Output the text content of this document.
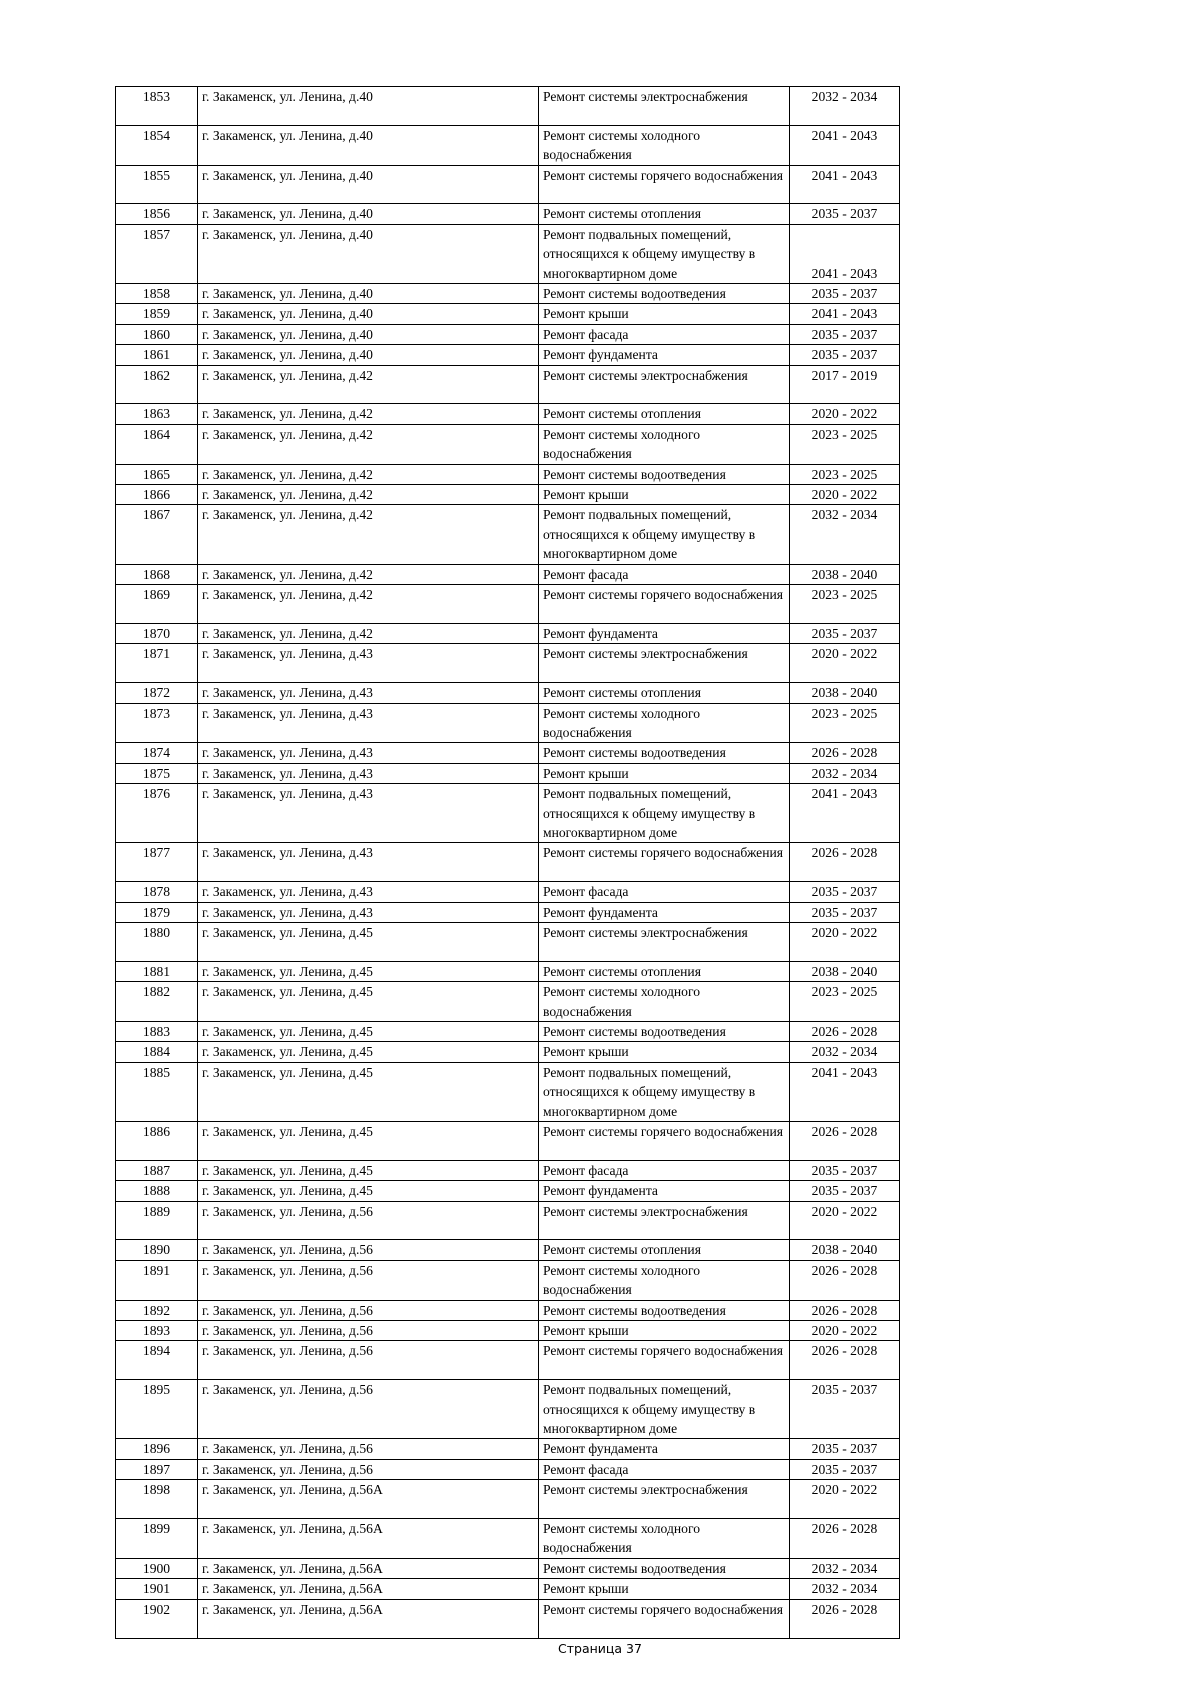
1853	г. Закаменск, ул. Ленина, д.40	Ремонт системы электроснабжения	2032 - 2034
1854	г. Закаменск, ул. Ленина, д.40	Ремонт системы холодного водоснабжения	2041 - 2043
1855	г. Закаменск, ул. Ленина, д.40	Ремонт системы горячего водоснабжения	2041 - 2043
1856	г. Закаменск, ул. Ленина, д.40	Ремонт системы отопления	2035 - 2037
1857	г. Закаменск, ул. Ленина, д.40	Ремонт подвальных помещений, относящихся к общему имуществу в многоквартирном доме	2041 - 2043
1858	г. Закаменск, ул. Ленина, д.40	Ремонт системы водоотведения	2035 - 2037
1859	г. Закаменск, ул. Ленина, д.40	Ремонт крыши	2041 - 2043
1860	г. Закаменск, ул. Ленина, д.40	Ремонт фасада	2035 - 2037
1861	г. Закаменск, ул. Ленина, д.40	Ремонт фундамента	2035 - 2037
1862	г. Закаменск, ул. Ленина, д.42	Ремонт системы электроснабжения	2017 - 2019
1863	г. Закаменск, ул. Ленина, д.42	Ремонт системы отопления	2020 - 2022
1864	г. Закаменск, ул. Ленина, д.42	Ремонт системы холодного водоснабжения	2023 - 2025
1865	г. Закаменск, ул. Ленина, д.42	Ремонт системы водоотведения	2023 - 2025
1866	г. Закаменск, ул. Ленина, д.42	Ремонт крыши	2020 - 2022
1867	г. Закаменск, ул. Ленина, д.42	Ремонт подвальных помещений, относящихся к общему имуществу в многоквартирном доме	2032 - 2034
1868	г. Закаменск, ул. Ленина, д.42	Ремонт фасада	2038 - 2040
1869	г. Закаменск, ул. Ленина, д.42	Ремонт системы горячего водоснабжения	2023 - 2025
1870	г. Закаменск, ул. Ленина, д.42	Ремонт фундамента	2035 - 2037
1871	г. Закаменск, ул. Ленина, д.43	Ремонт системы электроснабжения	2020 - 2022
1872	г. Закаменск, ул. Ленина, д.43	Ремонт системы отопления	2038 - 2040
1873	г. Закаменск, ул. Ленина, д.43	Ремонт системы холодного водоснабжения	2023 - 2025
1874	г. Закаменск, ул. Ленина, д.43	Ремонт системы водоотведения	2026 - 2028
1875	г. Закаменск, ул. Ленина, д.43	Ремонт крыши	2032 - 2034
1876	г. Закаменск, ул. Ленина, д.43	Ремонт подвальных помещений, относящихся к общему имуществу в многоквартирном доме	2041 - 2043
1877	г. Закаменск, ул. Ленина, д.43	Ремонт системы горячего водоснабжения	2026 - 2028
1878	г. Закаменск, ул. Ленина, д.43	Ремонт фасада	2035 - 2037
1879	г. Закаменск, ул. Ленина, д.43	Ремонт фундамента	2035 - 2037
1880	г. Закаменск, ул. Ленина, д.45	Ремонт системы электроснабжения	2020 - 2022
1881	г. Закаменск, ул. Ленина, д.45	Ремонт системы отопления	2038 - 2040
1882	г. Закаменск, ул. Ленина, д.45	Ремонт системы холодного водоснабжения	2023 - 2025
1883	г. Закаменск, ул. Ленина, д.45	Ремонт системы водоотведения	2026 - 2028
1884	г. Закаменск, ул. Ленина, д.45	Ремонт крыши	2032 - 2034
1885	г. Закаменск, ул. Ленина, д.45	Ремонт подвальных помещений, относящихся к общему имуществу в многоквартирном доме	2041 - 2043
1886	г. Закаменск, ул. Ленина, д.45	Ремонт системы горячего водоснабжения	2026 - 2028
1887	г. Закаменск, ул. Ленина, д.45	Ремонт фасада	2035 - 2037
1888	г. Закаменск, ул. Ленина, д.45	Ремонт фундамента	2035 - 2037
1889	г. Закаменск, ул. Ленина, д.56	Ремонт системы электроснабжения	2020 - 2022
1890	г. Закаменск, ул. Ленина, д.56	Ремонт системы отопления	2038 - 2040
1891	г. Закаменск, ул. Ленина, д.56	Ремонт системы холодного водоснабжения	2026 - 2028
1892	г. Закаменск, ул. Ленина, д.56	Ремонт системы водоотведения	2026 - 2028
1893	г. Закаменск, ул. Ленина, д.56	Ремонт крыши	2020 - 2022
1894	г. Закаменск, ул. Ленина, д.56	Ремонт системы горячего водоснабжения	2026 - 2028
1895	г. Закаменск, ул. Ленина, д.56	Ремонт подвальных помещений, относящихся к общему имуществу в многоквартирном доме	2035 - 2037
1896	г. Закаменск, ул. Ленина, д.56	Ремонт фундамента	2035 - 2037
1897	г. Закаменск, ул. Ленина, д.56	Ремонт фасада	2035 - 2037
1898	г. Закаменск, ул. Ленина, д.56А	Ремонт системы электроснабжения	2020 - 2022
1899	г. Закаменск, ул. Ленина, д.56А	Ремонт системы холодного водоснабжения	2026 - 2028
1900	г. Закаменск, ул. Ленина, д.56А	Ремонт системы водоотведения	2032 - 2034
1901	г. Закаменск, ул. Ленина, д.56А	Ремонт крыши	2032 - 2034
1902	г. Закаменск, ул. Ленина, д.56А	Ремонт системы горячего водоснабжения	2026 - 2028
Страница 37
